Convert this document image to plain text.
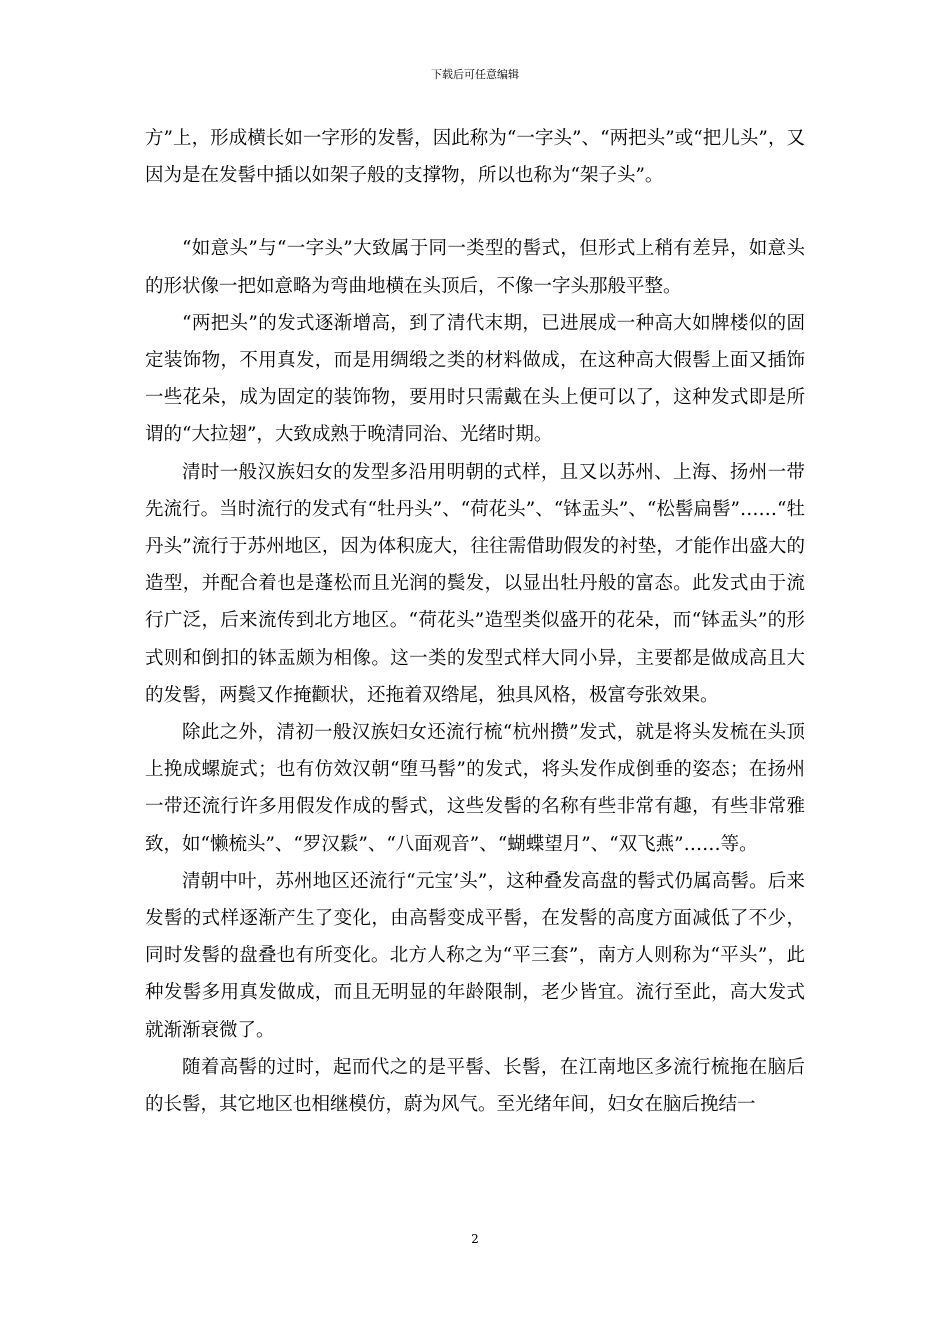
下载后可任意编辑

方”上，形成横长如一字形的发髻，因此称为“一字头”、“两把头”或“把儿头”，又因为是在发髻中插以如架子般的支撑物，所以也称为“架子头”。

“如意头”与“一字头”大致属于同一类型的髻式，但形式上稍有差异，如意头的形状像一把如意略为弯曲地横在头顶后，不像一字头那般平整。

“两把头”的发式逐渐增高，到了清代末期，已进展成一种高大如牌楼似的固定装饰物，不用真发，而是用绸缎之类的材料做成，在这种高大假髻上面又插饰一些花朵，成为固定的装饰物，要用时只需戴在头上便可以了，这种发式即是所谓的“大拉翅”，大致成熟于晚清同治、光绪时期。

清时一般汉族妇女的发型多沿用明朝的式样，且又以苏州、上海、扬州一带先流行。当时流行的发式有“牡丹头”、“荷花头”、“钵盂头”、“松髻扁髻”……“牡丹头”流行于苏州地区，因为体积庞大，往往需借助假发的衬垫，才能作出盛大的造型，并配合着也是蓬松而且光润的鬓发，以显出牡丹般的富态。此发式由于流行广泛，后来流传到北方地区。“荷花头”造型类似盛开的花朵，而“钵盂头”的形式则和倒扣的钵盂颇为相像。这一类的发型式样大同小异，主要都是做成高且大的发髻，两鬓又作掩颧状，还拖着双绺尾，独具风格，极富夸张效果。

除此之外，清初一般汉族妇女还流行梳“杭州攒”发式，就是将头发梳在头顶上挽成螺旋式；也有仿效汉朝“堕马髻”的发式，将头发作成倒垂的姿态；在扬州一带还流行许多用假发作成的髻式，这些发髻的名称有些非常有趣，有些非常雅致，如“懒梳头”、“罗汉鬏”、“八面观音”、“蝴蝶望月”、“双飞燕”……等。

清朝中叶，苏州地区还流行“元宝’头”，这种叠发高盘的髻式仍属高髻。后来发髻的式样逐渐产生了变化，由高髻变成平髻，在发髻的高度方面减低了不少，同时发髻的盘叠也有所变化。北方人称之为“平三套”，南方人则称为“平头”，此种发髻多用真发做成，而且无明显的年龄限制，老少皆宜。流行至此，高大发式就渐渐衰微了。

随着高髻的过时，起而代之的是平髻、长髻，在江南地区多流行梳拖在脑后的长髻，其它地区也相继模仿，蔚为风气。至光绪年间，妇女在脑后挽结一

2
